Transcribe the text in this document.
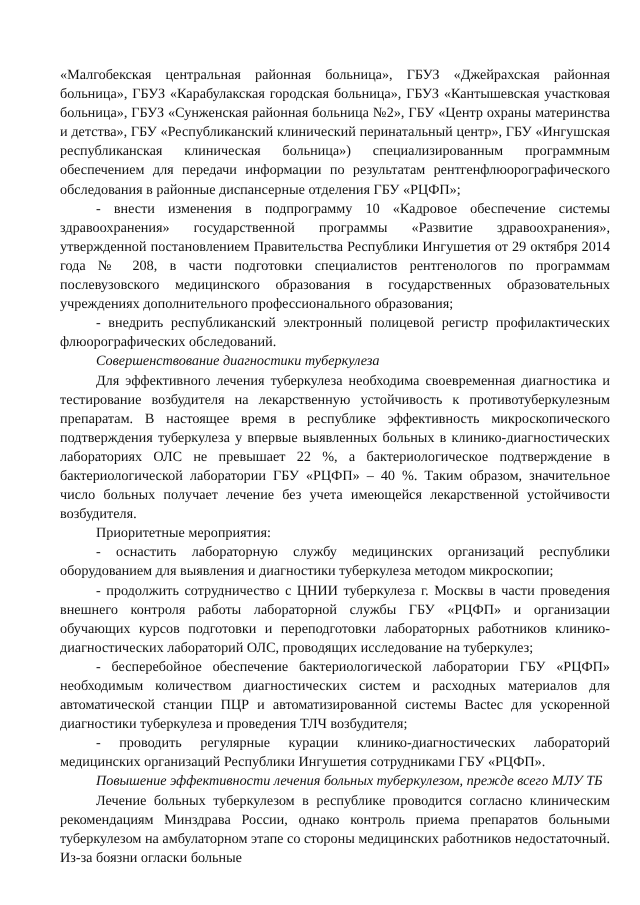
«Малгобекская центральная районная больница», ГБУЗ «Джейрахская районная больница», ГБУЗ «Карабулакская городская больница», ГБУЗ «Кантышевская участковая больница», ГБУЗ «Сунженская районная больница №2», ГБУ «Центр охраны материнства и детства», ГБУ «Республиканский клинический перинатальный центр», ГБУ «Ингушская республиканская клиническая больница») специализированным программным обеспечением для передачи информации по результатам рентгенфлюорографического обследования в районные диспансерные отделения ГБУ «РЦФП»;

- внести изменения в подпрограмму 10 «Кадровое обеспечение системы здравоохранения» государственной программы «Развитие здравоохранения», утвержденной постановлением Правительства Республики Ингушетия от 29 октября 2014 года № 208, в части подготовки специалистов рентгенологов по программам послевузовского медицинского образования в государственных образовательных учреждениях дополнительного профессионального образования;

- внедрить республиканский электронный полицевой регистр профилактических флюорографических обследований.

Совершенствование диагностики туберкулеза

Для эффективного лечения туберкулеза необходима своевременная диагностика и тестирование возбудителя на лекарственную устойчивость к противотуберкулезным препаратам. В настоящее время в республике эффективность микроскопического подтверждения туберкулеза у впервые выявленных больных в клинико-диагностических лабораториях ОЛС не превышает 22 %, а бактериологическое подтверждение в бактериологической лаборатории ГБУ «РЦФП» – 40 %. Таким образом, значительное число больных получает лечение без учета имеющейся лекарственной устойчивости возбудителя.

Приоритетные мероприятия:

- оснастить лабораторную службу медицинских организаций республики оборудованием для выявления и диагностики туберкулеза методом микроскопии;

- продолжить сотрудничество с ЦНИИ туберкулеза г. Москвы в части проведения внешнего контроля работы лабораторной службы ГБУ «РЦФП» и организации обучающих курсов подготовки и переподготовки лабораторных работников клинико-диагностических лабораторий ОЛС, проводящих исследование на туберкулез;

- бесперебойное обеспечение бактериологической лаборатории ГБУ «РЦФП» необходимым количеством диагностических систем и расходных материалов для автоматической станции ПЦР и автоматизированной системы Bactec для ускоренной диагностики туберкулеза и проведения ТЛЧ возбудителя;

- проводить регулярные курации клинико-диагностических лабораторий медицинских организаций Республики Ингушетия сотрудниками ГБУ «РЦФП».

Повышение эффективности лечения больных туберкулезом, прежде всего МЛУ ТБ

Лечение больных туберкулезом в республике проводится согласно клиническим рекомендациям Минздрава России, однако контроль приема препаратов больными туберкулезом на амбулаторном этапе со стороны медицинских работников недостаточный. Из-за боязни огласки больные
